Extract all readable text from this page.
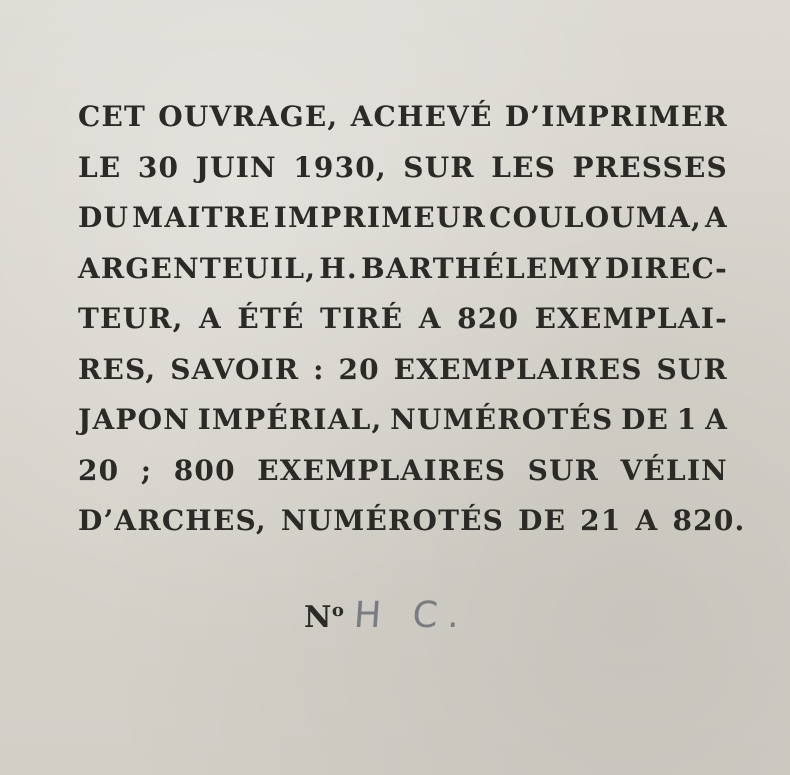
CET OUVRAGE, ACHEVÉ D’IMPRIMER
LE 30 JUIN 1930, SUR LES PRESSES
DU MAITRE IMPRIMEUR COULOUMA, A
ARGENTEUIL, H. BARTHÉLEMY DIREC-
TEUR, A ÉTÉ TIRÉ A 820 EXEMPLAI-
RES, SAVOIR : 20 EXEMPLAIRES SUR
JAPON IMPÉRIAL, NUMÉROTÉS DE 1 A
20 ; 800 EXEMPLAIRES SUR VÉLIN
D’ARCHES, NUMÉROTÉS DE 21 A 820.
$N^o$ H C.
